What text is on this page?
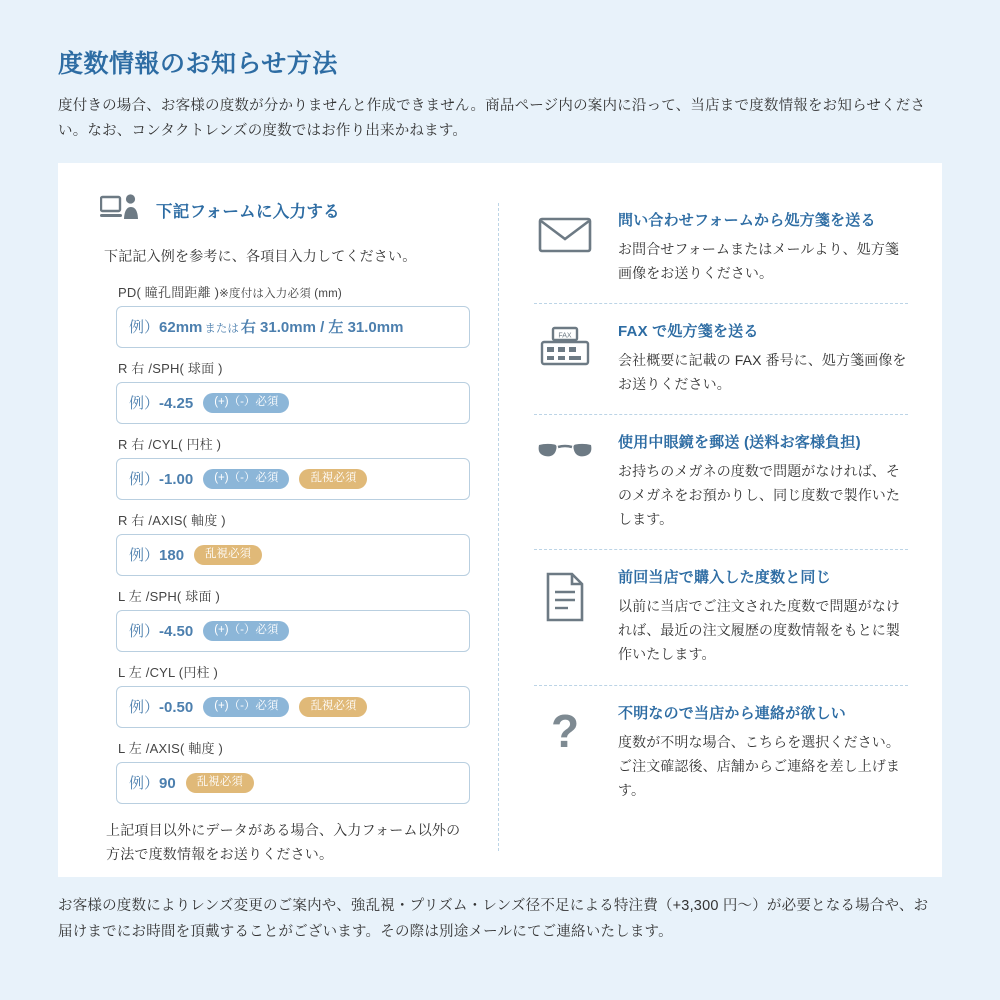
度数情報のお知らせ方法

度付きの場合、お客様の度数が分かりませんと作成できません。商品ページ内の案内に沿って、当店まで度数情報をお知らせください。なお、コンタクトレンズの度数ではお作り出来かねます。

下記フォームに入力する

下記記入例を参考に、各項目入力してください。

PD( 瞳孔間距離 )※度付は入力必須 (mm)
例）62mm または 右 31.0mm / 左 31.0mm
R 右 /SPH( 球面 )
例）-4.25	(+)（-）必須
R 右 /CYL( 円柱 )
例）-1.00	(+)（-）必須	乱視必須
R 右 /AXIS( 軸度 )
例）180	乱視必須
L 左 /SPH( 球面 )
例）-4.50	(+)（-）必須
L 左 /CYL (円柱 )
例）-0.50	(+)（-）必須	乱視必須
L 左 /AXIS( 軸度 )
例）90	乱視必須

上記項目以外にデータがある場合、入力フォーム以外の方法で度数情報をお送りください。

問い合わせフォームから処方箋を送る
お問合せフォームまたはメールより、処方箋画像をお送りください。
FAX	FAX で処方箋を送る
会社概要に記載の FAX 番号に、処方箋画像をお送りください。
使用中眼鏡を郵送 (送料お客様負担)
お持ちのメガネの度数で問題がなければ、そのメガネをお預かりし、同じ度数で製作いたします。
前回当店で購入した度数と同じ
以前に当店でご注文された度数で問題がなければ、最近の注文履歴の度数情報をもとに製作いたします。
?	不明なので当店から連絡が欲しい
度数が不明な場合、こちらを選択ください。ご注文確認後、店舗からご連絡を差し上げます。

お客様の度数によりレンズ変更のご案内や、強乱視・プリズム・レンズ径不足による特注費（+3,300 円～）が必要となる場合や、お届けまでにお時間を頂戴することがございます。その際は別途メールにてご連絡いたします。
